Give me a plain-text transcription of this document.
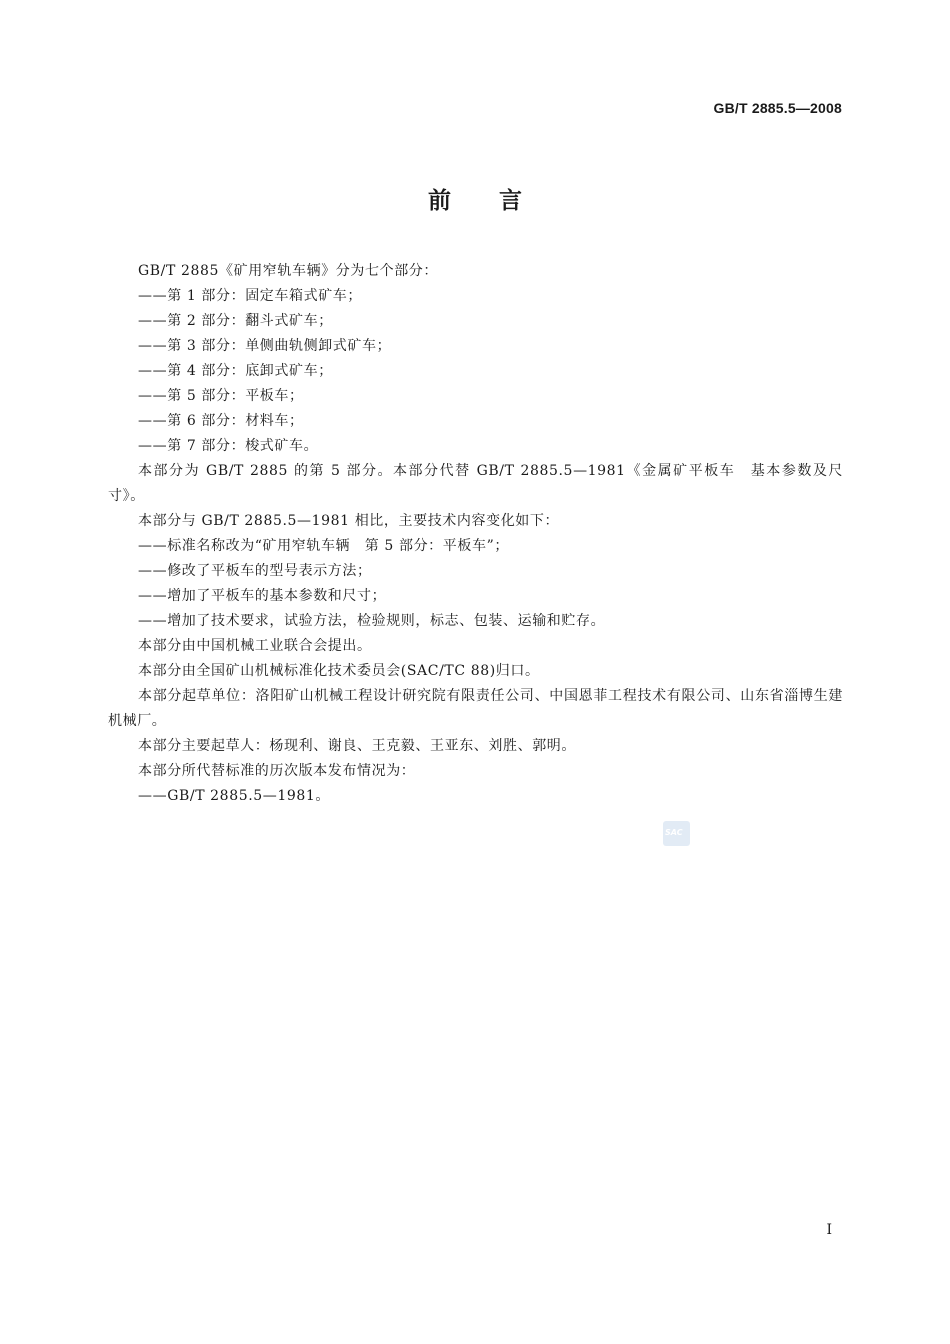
GB/T 2885.5—2008
前言

GB/T 2885《矿用窄轨车辆》分为七个部分：

——第 1 部分：固定车箱式矿车；

——第 2 部分：翻斗式矿车；

——第 3 部分：单侧曲轨侧卸式矿车；

——第 4 部分：底卸式矿车；

——第 5 部分：平板车；

——第 6 部分：材料车；

——第 7 部分：梭式矿车。

本部分为 GB/T 2885 的第 5 部分。本部分代替 GB/T 2885.5—1981《金属矿平板车　基本参数及尺寸》。

本部分与 GB/T 2885.5—1981 相比，主要技术内容变化如下：

——标准名称改为“矿用窄轨车辆　第 5 部分：平板车”；

——修改了平板车的型号表示方法；

——增加了平板车的基本参数和尺寸；

——增加了技术要求，试验方法，检验规则，标志、包装、运输和贮存。

本部分由中国机械工业联合会提出。

本部分由全国矿山机械标准化技术委员会(SAC/TC 88)归口。

本部分起草单位：洛阳矿山机械工程设计研究院有限责任公司、中国恩菲工程技术有限公司、山东省淄博生建机械厂。

本部分主要起草人：杨现利、谢良、王克毅、王亚东、刘胜、郭明。

本部分所代替标准的历次版本发布情况为：

——GB/T 2885.5—1981。

SAC
I
